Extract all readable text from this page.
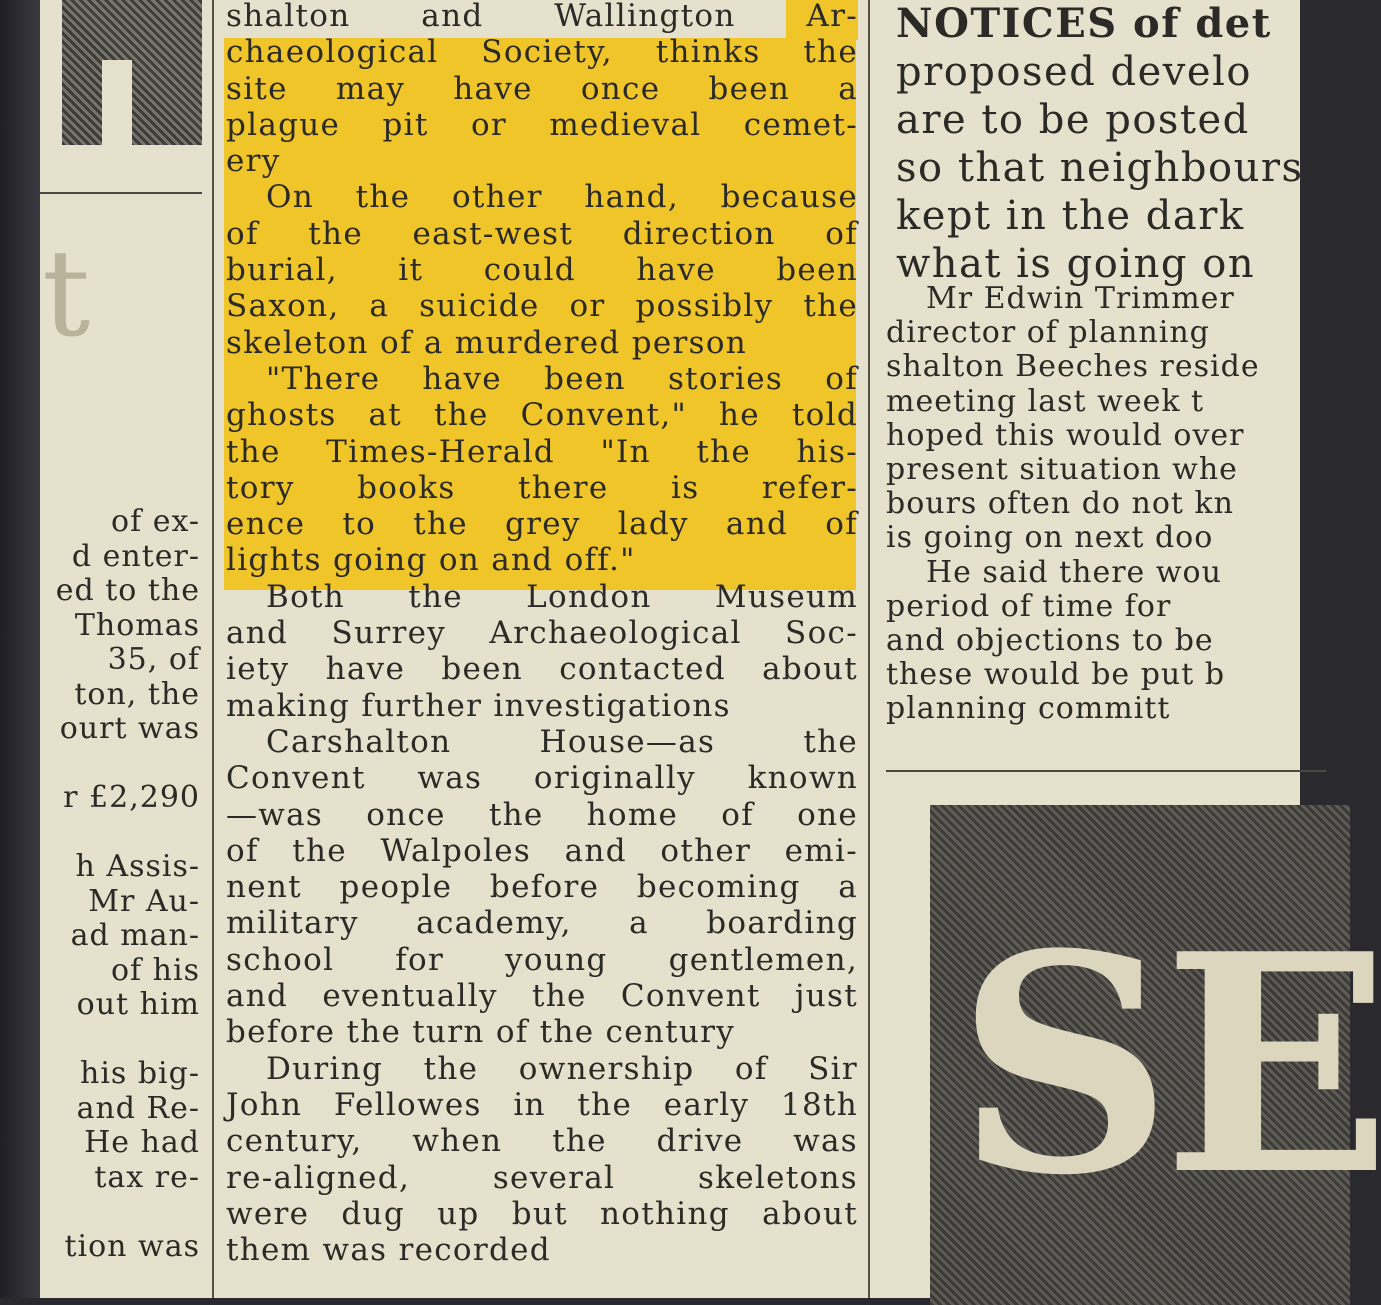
t
of ex-
d enter-
ed to the
Thomas
35, of
ton, the
ourt was

r £2,290

h Assis-
Mr Au-
ad man-
of his
out him

his big-
and Re-
He had
tax re-

tion was
shalton and Wallington Ar-
chaeological Society, thinks the
site may have once been a
plague pit or medieval cemet-
ery
On the other hand, because
of the east-west direction of
burial, it could have been
Saxon, a suicide or possibly the
skeleton of a murdered person
"There have been stories of
ghosts at the Convent," he told
the Times-Herald "In the his-
tory books there is refer-
ence to the grey lady and of
lights going on and off."
Both the London Museum
and Surrey Archaeological Soc-
iety have been contacted about
making further investigations
Carshalton House—as the
Convent was originally known
—was once the home of one
of the Walpoles and other emi-
nent people before becoming a
military academy, a boarding
school for young gentlemen,
and eventually the Convent just
before the turn of the century
During the ownership of Sir
John Fellowes in the early 18th
century, when the drive was
re-aligned, several skeletons
were dug up but nothing about
them was recorded
NOTICES of det
proposed develo
are to be posted
so that neighbours
kept in the dark
what is going on
Mr Edwin Trimmer
director of planning
shalton Beeches reside
meeting last week t
hoped this would over
present situation whe
bours often do not kn
is going on next doo
He said there wou
period of time for
and objections to be
these would be put b
planning committ
SE
